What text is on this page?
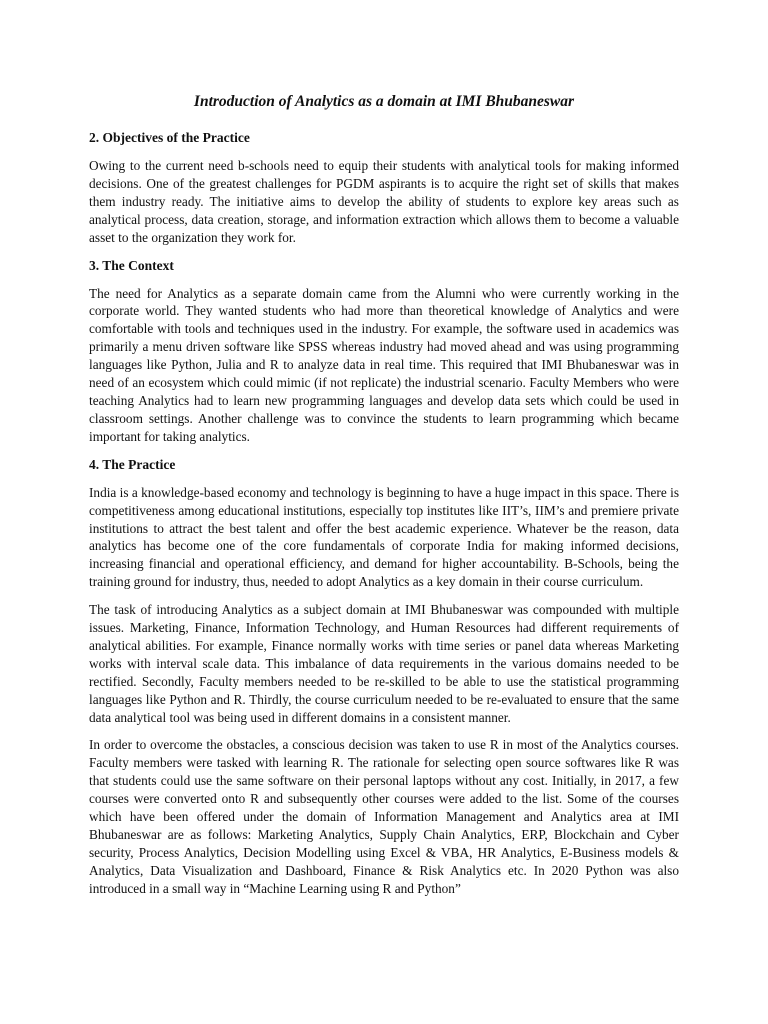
Introduction of Analytics as a domain at IMI Bhubaneswar
2. Objectives of the Practice

Owing to the current need b-schools need to equip their students with analytical tools for making informed decisions. One of the greatest challenges for PGDM aspirants is to acquire the right set of skills that makes them industry ready. The initiative aims to develop the ability of students to explore key areas such as analytical process, data creation, storage, and information extraction which allows them to become a valuable asset to the organization they work for.

3. The Context

The need for Analytics as a separate domain came from the Alumni who were currently working in the corporate world. They wanted students who had more than theoretical knowledge of Analytics and were comfortable with tools and techniques used in the industry. For example, the software used in academics was primarily a menu driven software like SPSS whereas industry had moved ahead and was using programming languages like Python, Julia and R to analyze data in real time. This required that IMI Bhubaneswar was in need of an ecosystem which could mimic (if not replicate) the industrial scenario. Faculty Members who were teaching Analytics had to learn new programming languages and develop data sets which could be used in classroom settings. Another challenge was to convince the students to learn programming which became important for taking analytics.

4. The Practice

India is a knowledge-based economy and technology is beginning to have a huge impact in this space. There is competitiveness among educational institutions, especially top institutes like IIT’s, IIM’s and premiere private institutions to attract the best talent and offer the best academic experience. Whatever be the reason, data analytics has become one of the core fundamentals of corporate India for making informed decisions, increasing financial and operational efficiency, and demand for higher accountability. B-Schools, being the training ground for industry, thus, needed to adopt Analytics as a key domain in their course curriculum.

The task of introducing Analytics as a subject domain at IMI Bhubaneswar was compounded with multiple issues. Marketing, Finance, Information Technology, and Human Resources had different requirements of analytical abilities. For example, Finance normally works with time series or panel data whereas Marketing works with interval scale data. This imbalance of data requirements in the various domains needed to be rectified. Secondly, Faculty members needed to be re-skilled to be able to use the statistical programming languages like Python and R. Thirdly, the course curriculum needed to be re-evaluated to ensure that the same data analytical tool was being used in different domains in a consistent manner.

In order to overcome the obstacles, a conscious decision was taken to use R in most of the Analytics courses. Faculty members were tasked with learning R. The rationale for selecting open source softwares like R was that students could use the same software on their personal laptops without any cost. Initially, in 2017, a few courses were converted onto R and subsequently other courses were added to the list. Some of the courses which have been offered under the domain of Information Management and Analytics area at IMI Bhubaneswar are as follows: Marketing Analytics, Supply Chain Analytics, ERP, Blockchain and Cyber security, Process Analytics, Decision Modelling using Excel & VBA, HR Analytics, E-Business models & Analytics, Data Visualization and Dashboard, Finance & Risk Analytics etc. In 2020 Python was also introduced in a small way in “Machine Learning using R and Python”
